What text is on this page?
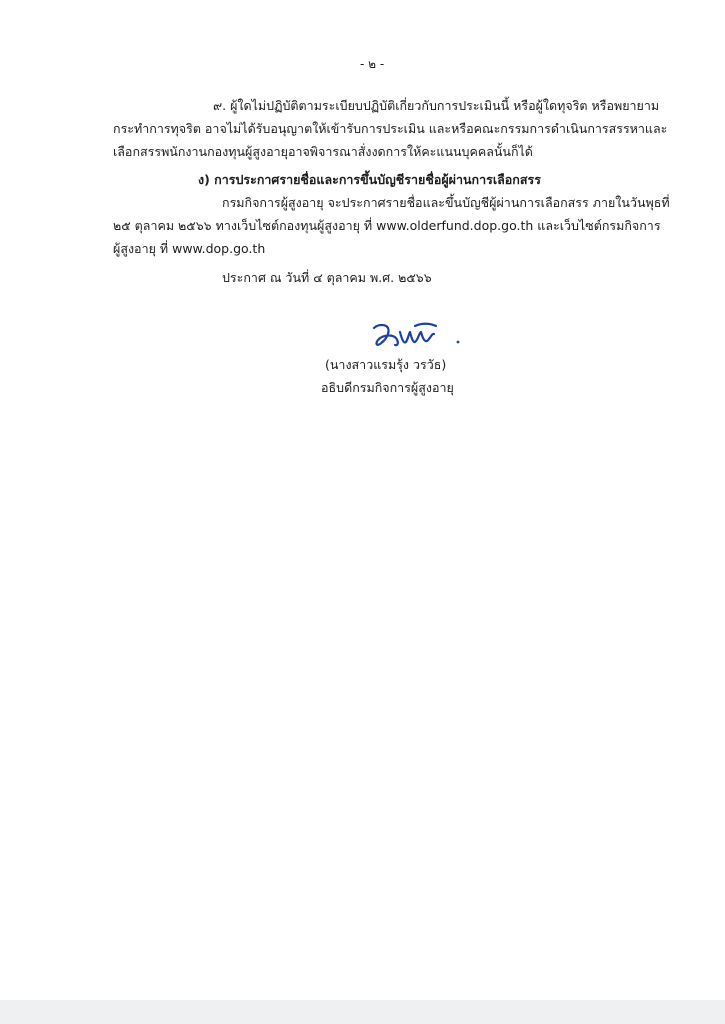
- ๒ -
๙. ผู้ใดไม่ปฏิบัติตามระเบียบปฏิบัติเกี่ยวกับการประเมินนี้ หรือผู้ใดทุจริต หรือพยายาม
กระทำการทุจริต อาจไม่ได้รับอนุญาตให้เข้ารับการประเมิน และหรือคณะกรรมการดำเนินการสรรหาและ
เลือกสรรพนักงานกองทุนผู้สูงอายุอาจพิจารณาสั่งงดการให้คะแนนบุคคลนั้นก็ได้
ง) การประกาศรายชื่อและการขึ้นบัญชีรายชื่อผู้ผ่านการเลือกสรร
กรมกิจการผู้สูงอายุ จะประกาศรายชื่อและขึ้นบัญชีผู้ผ่านการเลือกสรร ภายในวันพุธที่
๒๕ ตุลาคม ๒๕๖๖ ทางเว็บไซต์กองทุนผู้สูงอายุ ที่ www.olderfund.dop.go.th และเว็บไซต์กรมกิจการ
ผู้สูงอายุ ที่ www.dop.go.th
ประกาศ ณ วันที่ ๔ ตุลาคม พ.ศ. ๒๕๖๖
(นางสาวแรมรุ้ง วรวัธ)
อธิบดีกรมกิจการผู้สูงอายุ
